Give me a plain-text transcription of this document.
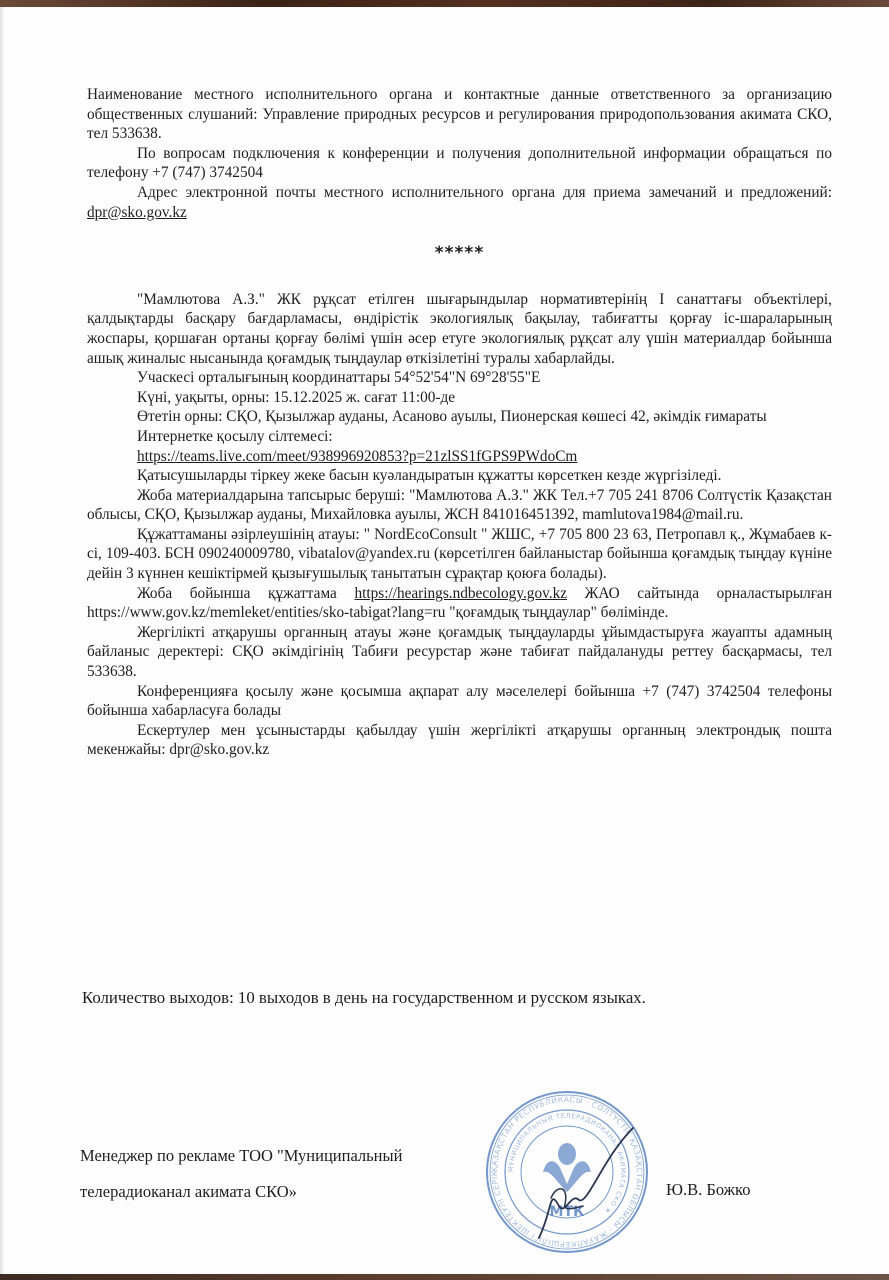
Наименование местного исполнительного органа и контактные данные ответственного за организацию общественных слушаний: Управление природных ресурсов и регулирования природопользования акимата СКО, тел 533638.

По вопросам подключения к конференции и получения дополнительной информации обращаться по телефону +7 (747) 3742504

Адрес электронной почты местного исполнительного органа для приема замечаний и предложений: dpr@sko.gov.kz

*****

"Мамлютова А.З." ЖК рұқсат етілген шығарындылар нормативтерінің I санаттағы объектілері, қалдықтарды басқару бағдарламасы, өндірістік экологиялық бақылау, табиғатты қорғау іс-шараларының жоспары, қоршаған ортаны қорғау бөлімі үшін әсер етуге экологиялық рұқсат алу үшін материалдар бойынша ашық жиналыс нысанында қоғамдық тыңдаулар өткізілетіні туралы хабарлайды.

Учаскесі орталығының координаттары 54°52'54"N 69°28'55"E

Күні, уақыты, орны: 15.12.2025 ж. сағат 11:00-де

Өтетін орны: СҚО, Қызылжар ауданы, Асаново ауылы, Пионерская көшесі 42, әкімдік ғимараты

Интернетке қосылу сілтемесі:

https://teams.live.com/meet/938996920853?p=21zlSS1fGPS9PWdoCm

Қатысушыларды тіркеу жеке басын куәландыратын құжатты көрсеткен кезде жүргізіледі.

Жоба материалдарына тапсырыс беруші: "Мамлютова А.З." ЖК Тел.+7 705 241 8706 Солтүстік Қазақстан облысы, СҚО, Қызылжар ауданы, Михайловка ауылы, ЖСН 841016451392, mamlutova1984@mail.ru.

Құжаттаманы әзірлеушінің атауы: " NordEcoConsult " ЖШС, +7 705 800 23 63, Петропавл қ., Жұмабаев к-сі, 109-403. БСН 090240009780, vibatalov@yandex.ru (көрсетілген байланыстар бойынша қоғамдық тыңдау күніне дейін 3 күннен кешіктірмей қызығушылық танытатын сұрақтар қоюға болады).

Жоба бойынша құжаттама https://hearings.ndbecology.gov.kz ЖАО сайтында орналастырылған https://www.gov.kz/memleket/entities/sko-tabigat?lang=ru "қоғамдық тыңдаулар" бөлімінде.

Жергілікті атқарушы органның атауы және қоғамдық тыңдауларды ұйымдастыруға жауапты адамның байланыс деректері: СҚО әкімдігінің Табиғи ресурстар және табиғат пайдалануды реттеу басқармасы, тел 533638.

Конференцияға қосылу және қосымша ақпарат алу мәселелері бойынша +7 (747) 3742504 телефоны бойынша хабарласуға болады

Ескертулер мен ұсыныстарды қабылдау үшін жергілікті атқарушы органның электрондық пошта мекенжайы: dpr@sko.gov.kz

Количество выходов: 10 выходов в день на государственном и русском языках.
Менеджер по рекламе ТОО "Муниципальный
телерадиоканал акимата СКО»
ҚАЗАҚСТАН РЕСПУБЛИКАСЫ · СОЛТҮСТІК ҚАЗАҚСТАН ОБЛЫСЫ · ЖАУАПКЕРШІЛІГІ ШЕКТЕУЛІ СЕРІК
МУНИЦИПАЛЬНЫЙ ТЕЛЕРАДИОКАНАЛ АКИМАТА СКО ★
МТК
Ю.В. Божко
